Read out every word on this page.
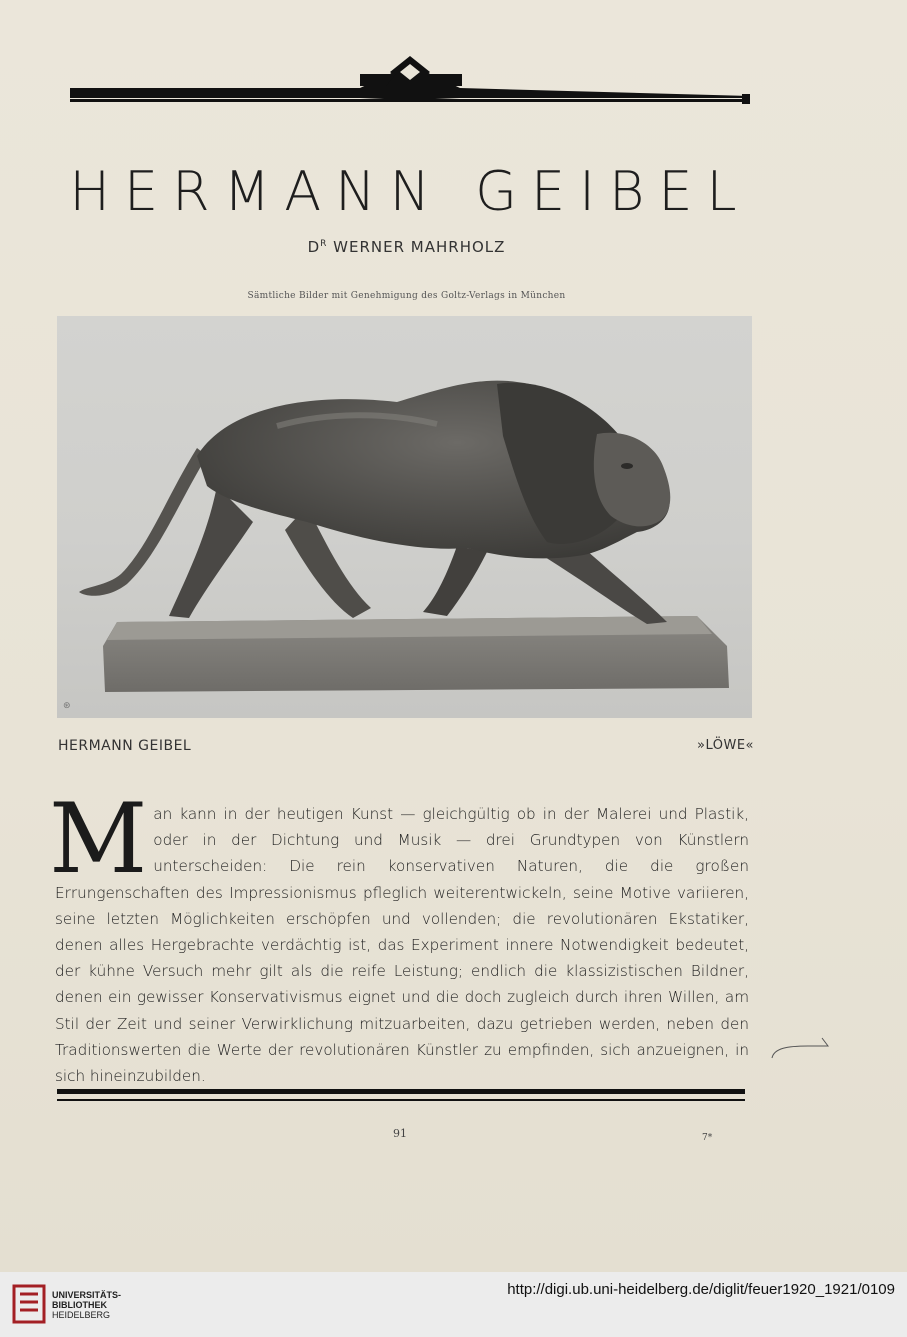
HERMANN GEIBEL
$D^R$ WERNER MAHRHOLZ
Sämtliche Bilder mit Genehmigung des Goltz-Verlags in München
⊛
HERMANN GEIBEL	»LÖWE«
Man kann in der heutigen Kunst — gleichgültig ob in der Malerei und Plastik, oder in der Dichtung und Musik — drei Grundtypen von Künstlern unterscheiden: Die rein konservativen Naturen, die die großen Errungenschaften des Impressionismus pfleglich weiterentwickeln, seine Motive variieren, seine letzten Möglichkeiten erschöpfen und vollenden; die revolutionären Ekstatiker, denen alles Hergebrachte verdächtig ist, das Experiment innere Notwendigkeit bedeutet, der kühne Versuch mehr gilt als die reife Leistung; endlich die klassizistischen Bildner, denen ein gewisser Konservativismus eignet und die doch zugleich durch ihren Willen, am Stil der Zeit und seiner Verwirklichung mitzuarbeiten, dazu getrieben werden, neben den Traditionswerten die Werte der revolutionären Künstler zu empfinden, sich anzueignen, in sich hineinzubilden.
91	7*
UNIVERSITÄTS-
BIBLIOTHEK
HEIDELBERG
http://digi.ub.uni-heidelberg.de/diglit/feuer1920_1921/0109
